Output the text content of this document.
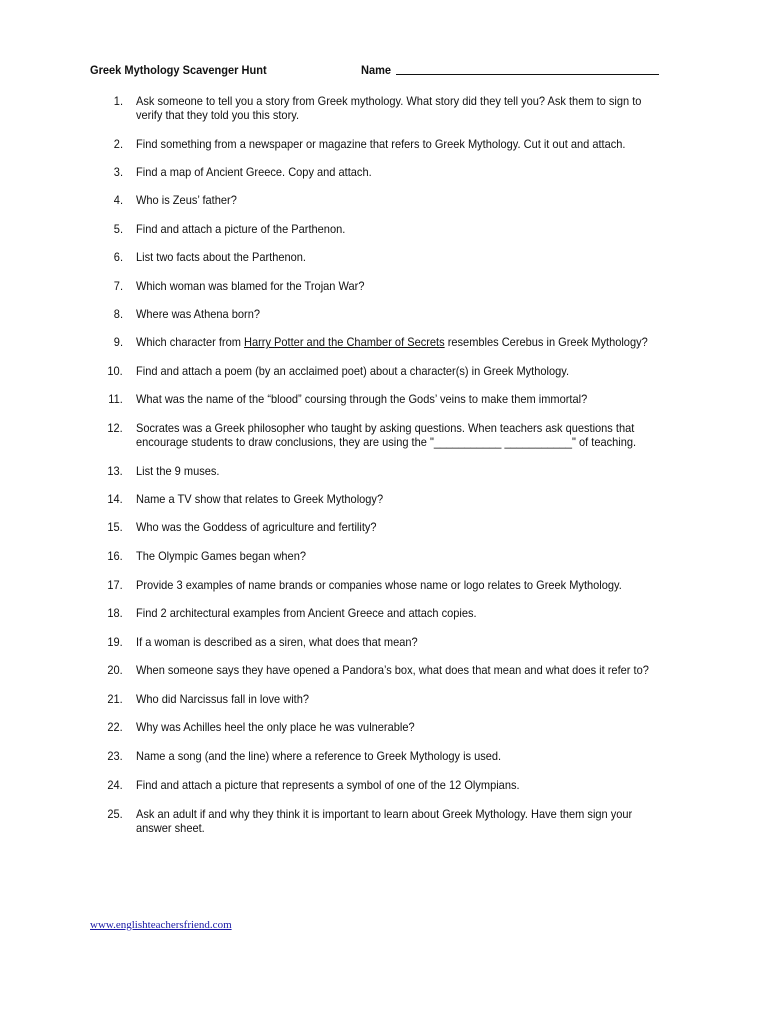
Greek Mythology Scavenger Hunt	Name
1. Ask someone to tell you a story from Greek mythology. What story did they tell you? Ask them to sign to
verify that they told you this story.
2. Find something from a newspaper or magazine that refers to Greek Mythology. Cut it out and attach.
3. Find a map of Ancient Greece. Copy and attach.
4. Who is Zeus’ father?
5. Find and attach a picture of the Parthenon.
6. List two facts about the Parthenon.
7. Which woman was blamed for the Trojan War?
8. Where was Athena born?
9. Which character from Harry Potter and the Chamber of Secrets resembles Cerebus in Greek Mythology?
10. Find and attach a poem (by an acclaimed poet) about a character(s) in Greek Mythology.
11. What was the name of the “blood” coursing through the Gods’ veins to make them immortal?
12. Socrates was a Greek philosopher who taught by asking questions. When teachers ask questions that
encourage students to draw conclusions, they are using the "___________ ___________" of teaching.
13. List the 9 muses.
14. Name a TV show that relates to Greek Mythology?
15. Who was the Goddess of agriculture and fertility?
16. The Olympic Games began when?
17. Provide 3 examples of name brands or companies whose name or logo relates to Greek Mythology.
18. Find 2 architectural examples from Ancient Greece and attach copies.
19. If a woman is described as a siren, what does that mean?
20. When someone says they have opened a Pandora’s box, what does that mean and what does it refer to?
21. Who did Narcissus fall in love with?
22. Why was Achilles heel the only place he was vulnerable?
23. Name a song (and the line) where a reference to Greek Mythology is used.
24. Find and attach a picture that represents a symbol of one of the 12 Olympians.
25. Ask an adult if and why they think it is important to learn about Greek Mythology. Have them sign your
answer sheet.
www.englishteachersfriend.com
